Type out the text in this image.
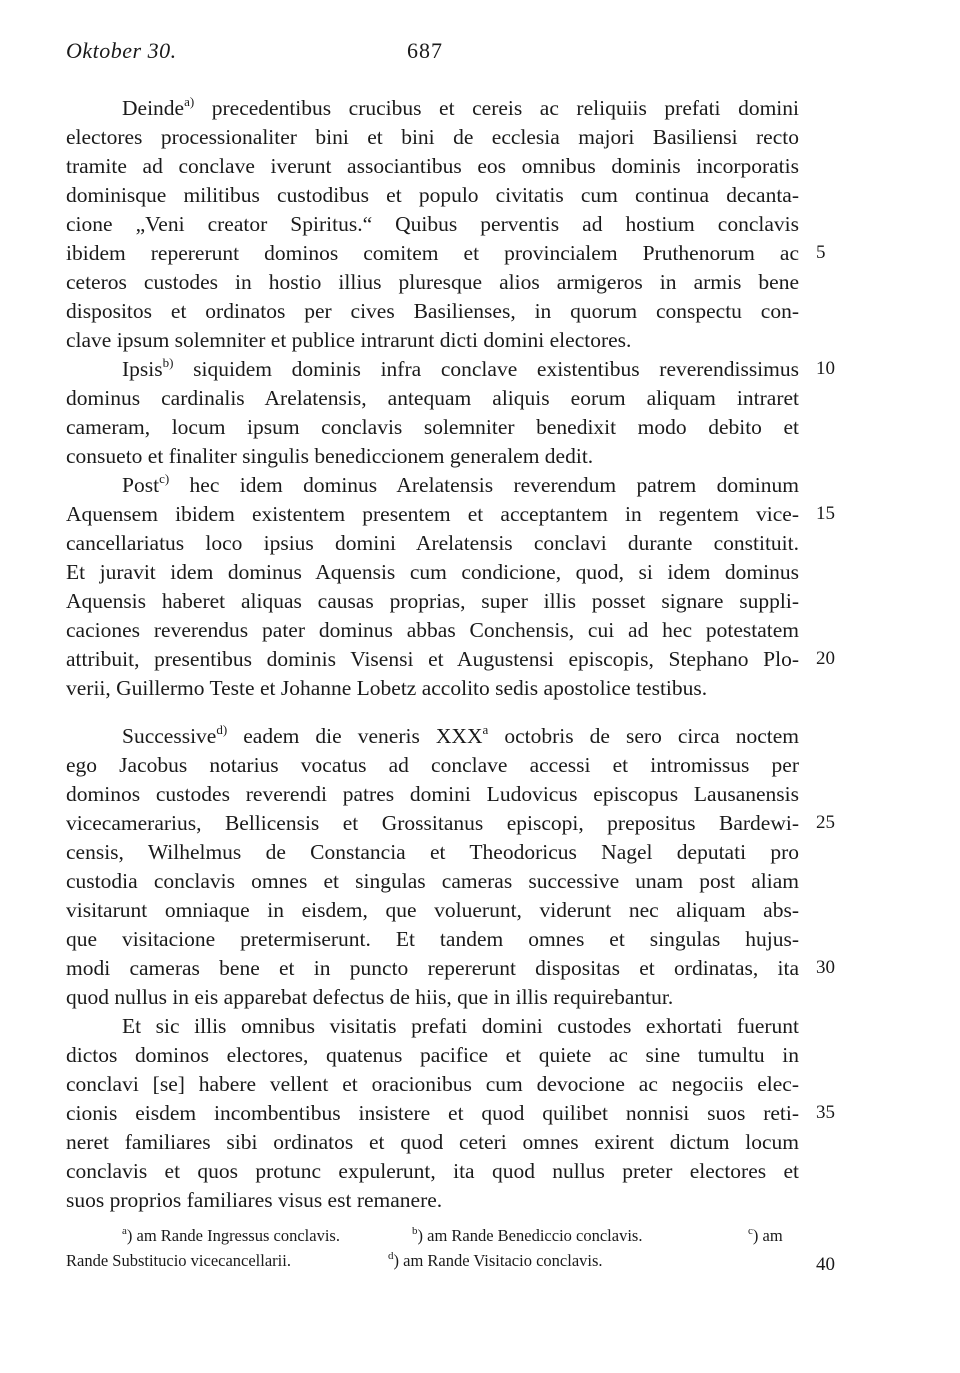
Oktober 30.	687
Deinde$^{a)}$ precedentibus crucibus et cereis ac reliquiis prefati domini
electores processionaliter bini et bini de ecclesia majori Basiliensi recto
tramite ad conclave iverunt associantibus eos omnibus dominis incorporatis
dominisque militibus custodibus et populo civitatis cum continua decanta-
cione „Veni creator Spiritus.“ Quibus perventis ad hostium conclavis
ibidem repererunt dominos comitem et provincialem Pruthenorum ac
ceteros custodes in hostio illius pluresque alios armigeros in armis bene
dispositos et ordinatos per cives Basilienses, in quorum conspectu con-
clave ipsum solemniter et publice intrarunt dicti domini electores.
Ipsis$^{b)}$ siquidem dominis infra conclave existentibus reverendissimus
dominus cardinalis Arelatensis, antequam aliquis eorum aliquam intraret
cameram, locum ipsum conclavis solemniter benedixit modo debito et
consueto et finaliter singulis benediccionem generalem dedit.
Post$^{c)}$ hec idem dominus Arelatensis reverendum patrem dominum
Aquensem ibidem existentem presentem et acceptantem in regentem vice-
cancellariatus loco ipsius domini Arelatensis conclavi durante constituit.
Et juravit idem dominus Aquensis cum condicione, quod, si idem dominus
Aquensis haberet aliquas causas proprias, super illis posset signare suppli-
caciones reverendus pater dominus abbas Conchensis, cui ad hec potestatem
attribuit, presentibus dominis Visensi et Augustensi episcopis, Stephano Plo-
verii, Guillermo Teste et Johanne Lobetz accolito sedis apostolice testibus.
Successive$^{d)}$ eadem die veneris XXX$^a$ octobris de sero circa noctem
ego Jacobus notarius vocatus ad conclave accessi et intromissus per
dominos custodes reverendi patres domini Ludovicus episcopus Lausanensis
vicecamerarius, Bellicensis et Grossitanus episcopi, prepositus Bardewi-
censis, Wilhelmus de Constancia et Theodoricus Nagel deputati pro
custodia conclavis omnes et singulas cameras successive unam post aliam
visitarunt omniaque in eisdem, que voluerunt, viderunt nec aliquam abs-
que visitacione pretermiserunt. Et tandem omnes et singulas hujus-
modi cameras bene et in puncto repererunt dispositas et ordinatas, ita
quod nullus in eis apparebat defectus de hiis, que in illis requirebantur.
Et sic illis omnibus visitatis prefati domini custodes exhortati fuerunt
dictos dominos electores, quatenus pacifice et quiete ac sine tumultu in
conclavi [se] habere vellent et oracionibus cum devocione ac negociis elec-
cionis eisdem incombentibus insistere et quod quilibet nonnisi suos reti-
neret familiares sibi ordinatos et quod ceteri omnes exirent dictum locum
conclavis et quos protunc expulerunt, ita quod nullus preter electores et
suos proprios familiares visus est remanere.
5
10
15
20
25
30
35
40
$^a$) am Rande Ingressus conclavis.	$^b$) am Rande Benediccio conclavis.	$^c$) am
Rande Substitucio vicecancellarii.	$^d$) am Rande Visitacio conclavis.
